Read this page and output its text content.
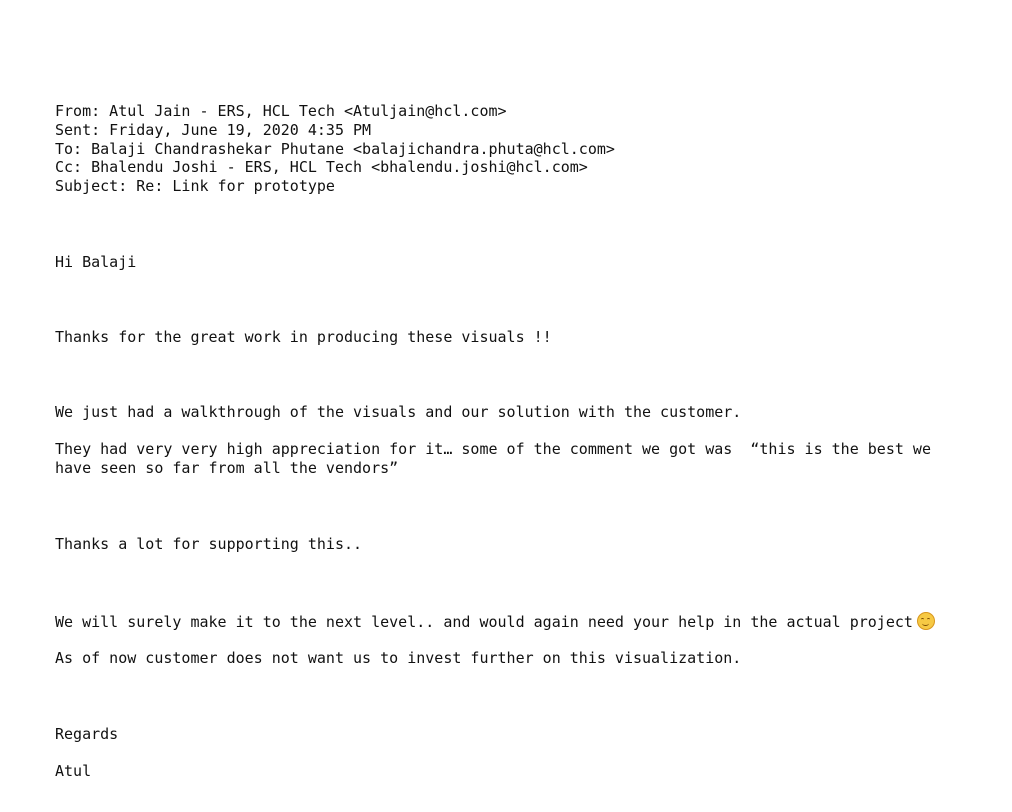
From: Atul Jain - ERS, HCL Tech <Atuljain@hcl.com>
Sent: Friday, June 19, 2020 4:35 PM
To: Balaji Chandrashekar Phutane <balajichandra.phuta@hcl.com>
Cc: Bhalendu Joshi - ERS, HCL Tech <bhalendu.joshi@hcl.com>
Subject: Re: Link for prototype
Hi Balaji
Thanks for the great work in producing these visuals !!
We just had a walkthrough of the visuals and our solution with the customer.
They had very very high appreciation for it… some of the comment we got was  “this is the best we
have seen so far from all the vendors”
Thanks a lot for supporting this..
We will surely make it to the next level.. and would again need your help in the actual project
As of now customer does not want us to invest further on this visualization.
Regards
Atul
